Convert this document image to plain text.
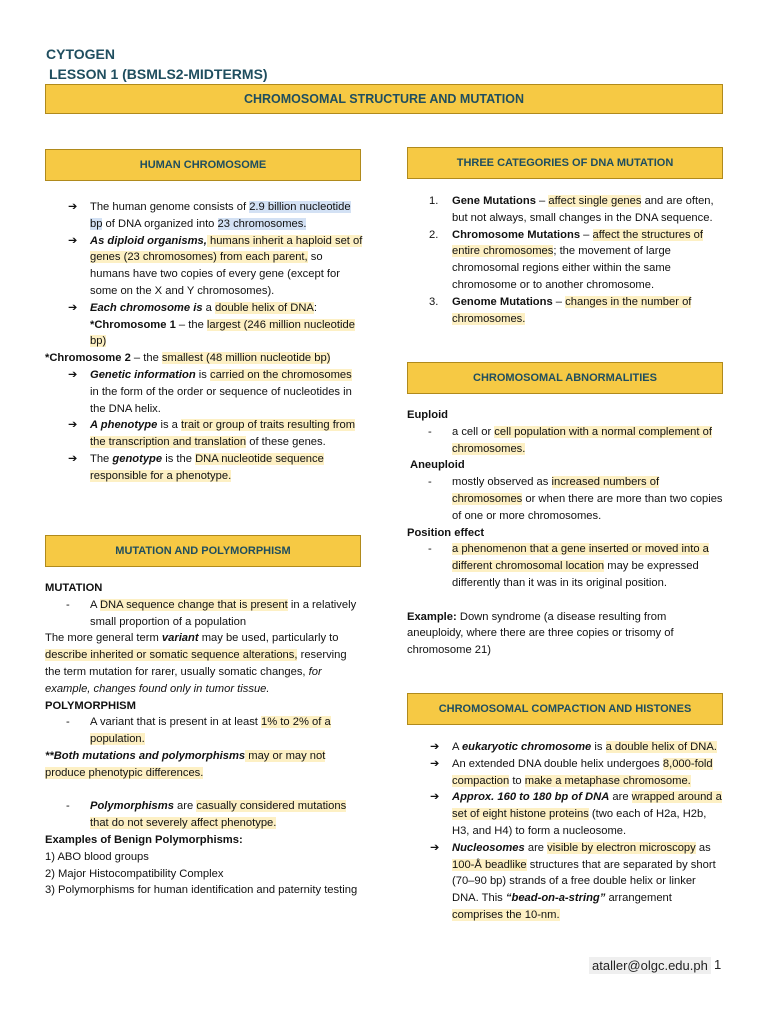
CYTOGEN
LESSON 1 (BSMLS2-MIDTERMS)
CHROMOSOMAL STRUCTURE AND MUTATION
HUMAN CHROMOSOME
➔ The human genome consists of 2.9 billion nucleotide bp of DNA organized into 23 chromosomes.
➔ As diploid organisms, humans inherit a haploid set of genes (23 chromosomes) from each parent, so humans have two copies of every gene (except for some on the X and Y chromosomes).
➔ Each chromosome is a double helix of DNA:
*Chromosome 1 – the largest (246 million nucleotide bp)
*Chromosome 2 – the smallest (48 million nucleotide bp)
➔ Genetic information is carried on the chromosomes in the form of the order or sequence of nucleotides in the DNA helix.
➔ A phenotype is a trait or group of traits resulting from the transcription and translation of these genes.
➔ The genotype is the DNA nucleotide sequence responsible for a phenotype.
MUTATION AND POLYMORPHISM
MUTATION
- A DNA sequence change that is present in a relatively small proportion of a population
The more general term variant may be used, particularly to describe inherited or somatic sequence alterations, reserving the term mutation for rarer, usually somatic changes, for example, changes found only in tumor tissue.
POLYMORPHISM
- A variant that is present in at least 1% to 2% of a population.
**Both mutations and polymorphisms may or may not produce phenotypic differences.
- Polymorphisms are casually considered mutations that do not severely affect phenotype.
Examples of Benign Polymorphisms:
1) ABO blood groups
2) Major Histocompatibility Complex
3) Polymorphisms for human identification and paternity testing
THREE CATEGORIES OF DNA MUTATION
1. Gene Mutations – affect single genes and are often, but not always, small changes in the DNA sequence.
2. Chromosome Mutations – affect the structures of entire chromosomes; the movement of large chromosomal regions either within the same chromosome or to another chromosome.
3. Genome Mutations – changes in the number of chromosomes.
CHROMOSOMAL ABNORMALITIES
Euploid
- a cell or cell population with a normal complement of chromosomes.
Aneuploid
- mostly observed as increased numbers of chromosomes or when there are more than two copies of one or more chromosomes.
Position effect
- a phenomenon that a gene inserted or moved into a different chromosomal location may be expressed differently than it was in its original position.
Example: Down syndrome (a disease resulting from aneuploidy, where there are three copies or trisomy of chromosome 21)
CHROMOSOMAL COMPACTION AND HISTONES
➔ A eukaryotic chromosome is a double helix of DNA.
➔ An extended DNA double helix undergoes 8,000-fold compaction to make a metaphase chromosome.
➔ Approx. 160 to 180 bp of DNA are wrapped around a set of eight histone proteins (two each of H2a, H2b, H3, and H4) to form a nucleosome.
➔ Nucleosomes are visible by electron microscopy as 100-Å beadlike structures that are separated by short (70–90 bp) strands of a free double helix or linker DNA. This “bead-on-a-string” arrangement comprises the 10-nm.
ataller@olgc.edu.ph 1
